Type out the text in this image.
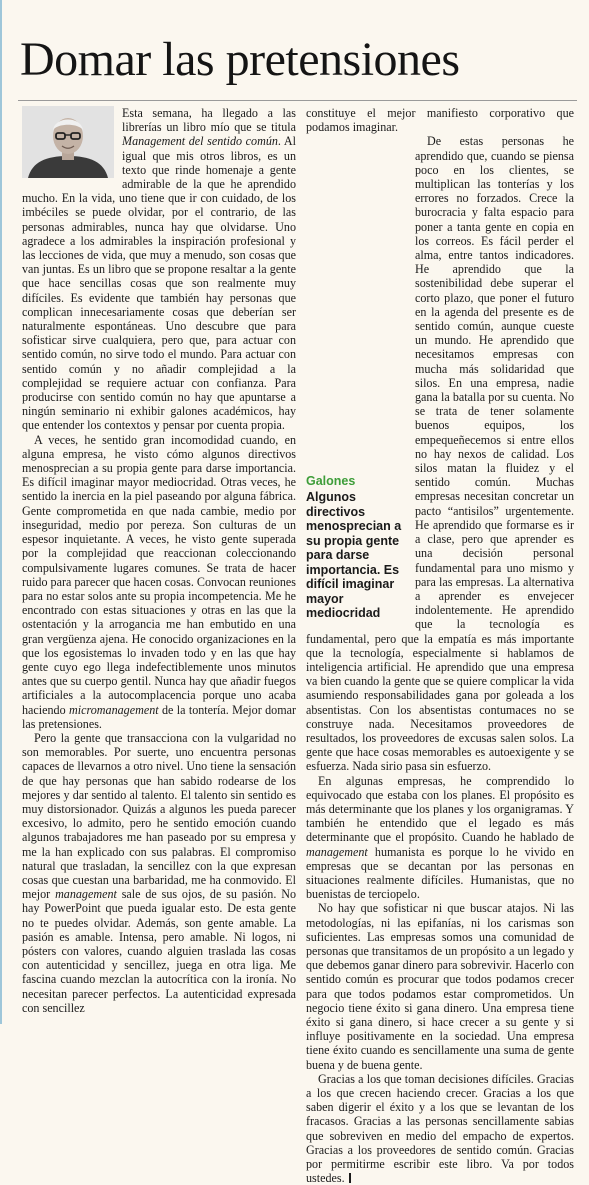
Domar las pretensiones

Esta semana, ha llegado a las librerías un libro mío que se titula Management del sentido común. Al igual que mis otros libros, es un texto que rinde homenaje a gente admirable de la que he aprendido mucho. En la vida, uno tiene que ir con cuidado, de los imbéciles se puede olvidar, por el contrario, de las personas admirables, nunca hay que olvidarse. Uno agradece a los admirables la inspiración profesional y las lecciones de vida, que muy a menudo, son cosas que van juntas. Es un libro que se propone resaltar a la gente que hace sencillas cosas que son realmente muy difíciles. Es evidente que también hay personas que complican innecesariamente cosas que deberían ser naturalmente espontáneas. Uno descubre que para sofisticar sirve cualquiera, pero que, para actuar con sentido común, no sirve todo el mundo. Para actuar con sentido común y no añadir complejidad a la complejidad se requiere actuar con confianza. Para producirse con sentido común no hay que apuntarse a ningún seminario ni exhibir galones académicos, hay que entender los contextos y pensar por cuenta propia.

A veces, he sentido gran incomodidad cuando, en alguna empresa, he visto cómo algunos directivos menosprecian a su propia gente para darse importancia. Es difícil imaginar mayor mediocridad. Otras veces, he sentido la inercia en la piel paseando por alguna fábrica. Gente comprometida en que nada cambie, medio por inseguridad, medio por pereza. Son culturas de un espesor inquietante. A veces, he visto gente superada por la complejidad que reaccionan coleccionando compulsivamente lugares comunes. Se trata de hacer ruido para parecer que hacen cosas. Convocan reuniones para no estar solos ante su propia incompetencia. Me he encontrado con estas situaciones y otras en las que la ostentación y la arrogancia me han embutido en una gran vergüenza ajena. He conocido organizaciones en la que los egosistemas lo invaden todo y en las que hay gente cuyo ego llega indefectiblemente unos minutos antes que su cuerpo gentil. Nunca hay que añadir fuegos artificiales a la autocomplacencia porque uno acaba haciendo micromanagement de la tontería. Mejor domar las pretensiones.

Pero la gente que transacciona con la vulgaridad no son memorables. Por suerte, uno encuentra personas capaces de llevarnos a otro nivel. Uno tiene la sensación de que hay personas que han sabido rodearse de los mejores y dar sentido al talento. El talento sin sentido es muy distorsionador. Quizás a algunos les pueda parecer excesivo, lo admito, pero he sentido emoción cuando algunos trabajadores me han paseado por su empresa y me la han explicado con sus palabras. El compromiso natural que trasladan, la sencillez con la que expresan cosas que cuestan una barbaridad, me ha conmovido. El mejor management sale de sus ojos, de su pasión. No hay PowerPoint que pueda igualar esto. De esta gente no te puedes olvidar. Además, son gente amable. La pasión es amable. Intensa, pero amable. Ni logos, ni pósters con valores, cuando alguien traslada las cosas con autenticidad y sencillez, juega en otra liga. Me fascina cuando mezclan la autocrítica con la ironía. No necesitan parecer perfectos. La autenticidad expresada con sencillez

constituye el mejor manifiesto corporativo que podamos imaginar.

Galones
Algunos directivos menosprecian a su propia gente para darse importancia. Es difícil imaginar mayor mediocridad

De estas personas he aprendido que, cuando se piensa poco en los clientes, se multiplican las tonterías y los errores no forzados. Crece la burocracia y falta espacio para poner a tanta gente en copia en los correos. Es fácil perder el alma, entre tantos indicadores. He aprendido que la sostenibilidad debe superar el corto plazo, que poner el futuro en la agenda del presente es de sentido común, aunque cueste un mundo. He aprendido que necesitamos empresas con mucha más solidaridad que silos. En una empresa, nadie gana la batalla por su cuenta. No se trata de tener solamente buenos equipos, los empequeñecemos si entre ellos no hay nexos de calidad. Los silos matan la fluidez y el sentido común. Muchas empresas necesitan concretar un pacto “antisilos” urgentemente. He aprendido que formarse es ir a clase, pero que aprender es una decisión personal fundamental para uno mismo y para las empresas. La alternativa a aprender es envejecer indolentemente. He aprendido que la tecnología es fundamental, pero que la empatía es más importante que la tecnología, especialmente si hablamos de inteligencia artificial. He aprendido que una empresa va bien cuando la gente que se quiere complicar la vida asumiendo responsabilidades gana por goleada a los absentistas. Con los absentistas contumaces no se construye nada. Necesitamos proveedores de resultados, los proveedores de excusas salen solos. La gente que hace cosas memorables es autoexigente y se esfuerza. Nada sirio pasa sin esfuerzo.

En algunas empresas, he comprendido lo equivocado que estaba con los planes. El propósito es más determinante que los planes y los organigramas. Y también he entendido que el legado es más determinante que el propósito. Cuando he hablado de management humanista es porque lo he vivido en empresas que se decantan por las personas en situaciones realmente difíciles. Humanistas, que no buenistas de terciopelo.

No hay que sofisticar ni que buscar atajos. Ni las metodologías, ni las epifanías, ni los carismas son suficientes. Las empresas somos una comunidad de personas que transitamos de un propósito a un legado y que debemos ganar dinero para sobrevivir. Hacerlo con sentido común es procurar que todos podamos crecer para que todos podamos estar comprometidos. Un negocio tiene éxito si gana dinero. Una empresa tiene éxito si gana dinero, si hace crecer a su gente y si influye positivamente en la sociedad. Una empresa tiene éxito cuando es sencillamente una suma de gente buena y de buena gente.

Gracias a los que toman decisiones difíciles. Gracias a los que crecen haciendo crecer. Gracias a los que saben digerir el éxito y a los que se levantan de los fracasos. Gracias a las personas sencillamente sabias que sobreviven en medio del empacho de expertos. Gracias a los proveedores de sentido común. Gracias por permitirme escribir este libro. Va por todos ustedes.
